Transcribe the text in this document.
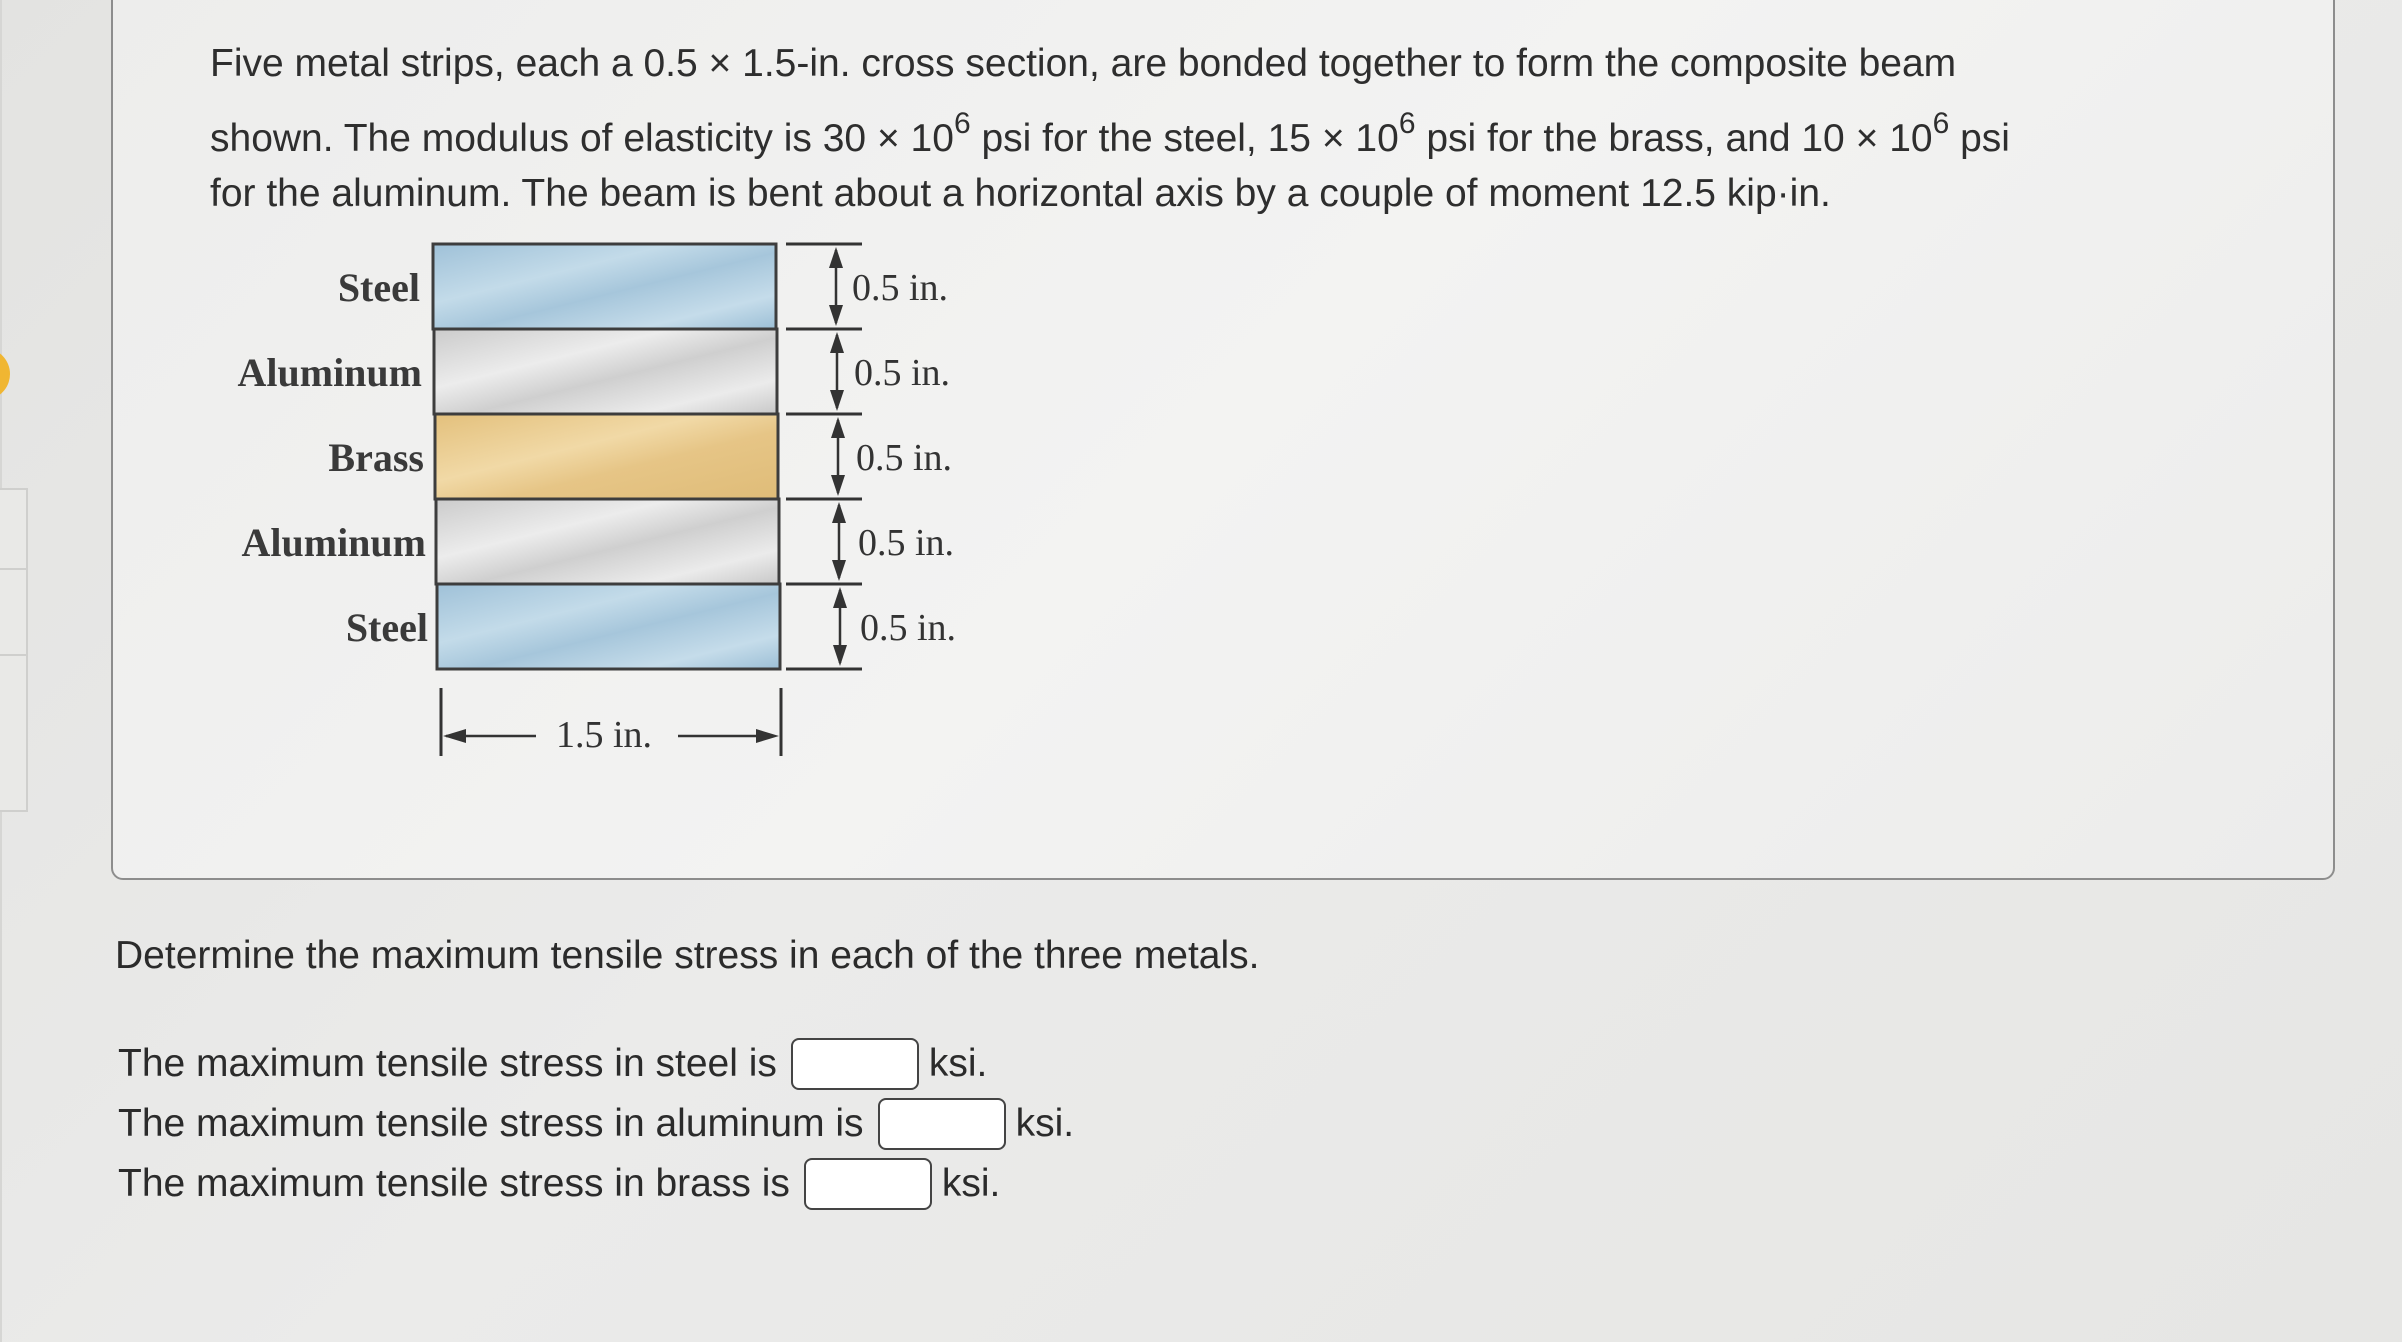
Five metal strips, each a 0.5 × 1.5-in. cross section, are bonded together to form the composite beam
shown. The modulus of elasticity is $30 \times 10^6$ psi for the steel, $15 \times 10^6$ psi for the brass, and $10 \times 10^6$ psi
for the aluminum. The beam is bent about a horizontal axis by a couple of moment 12.5 kip·in.
1.5 in.
Steel	0.5 in.
Aluminum	0.5 in.
Brass	0.5 in.
Aluminum	0.5 in.
Steel	0.5 in.
Determine the maximum tensile stress in each of the three metals.
The maximum tensile stress in steel is	ksi.
The maximum tensile stress in aluminum is	ksi.
The maximum tensile stress in brass is	ksi.
